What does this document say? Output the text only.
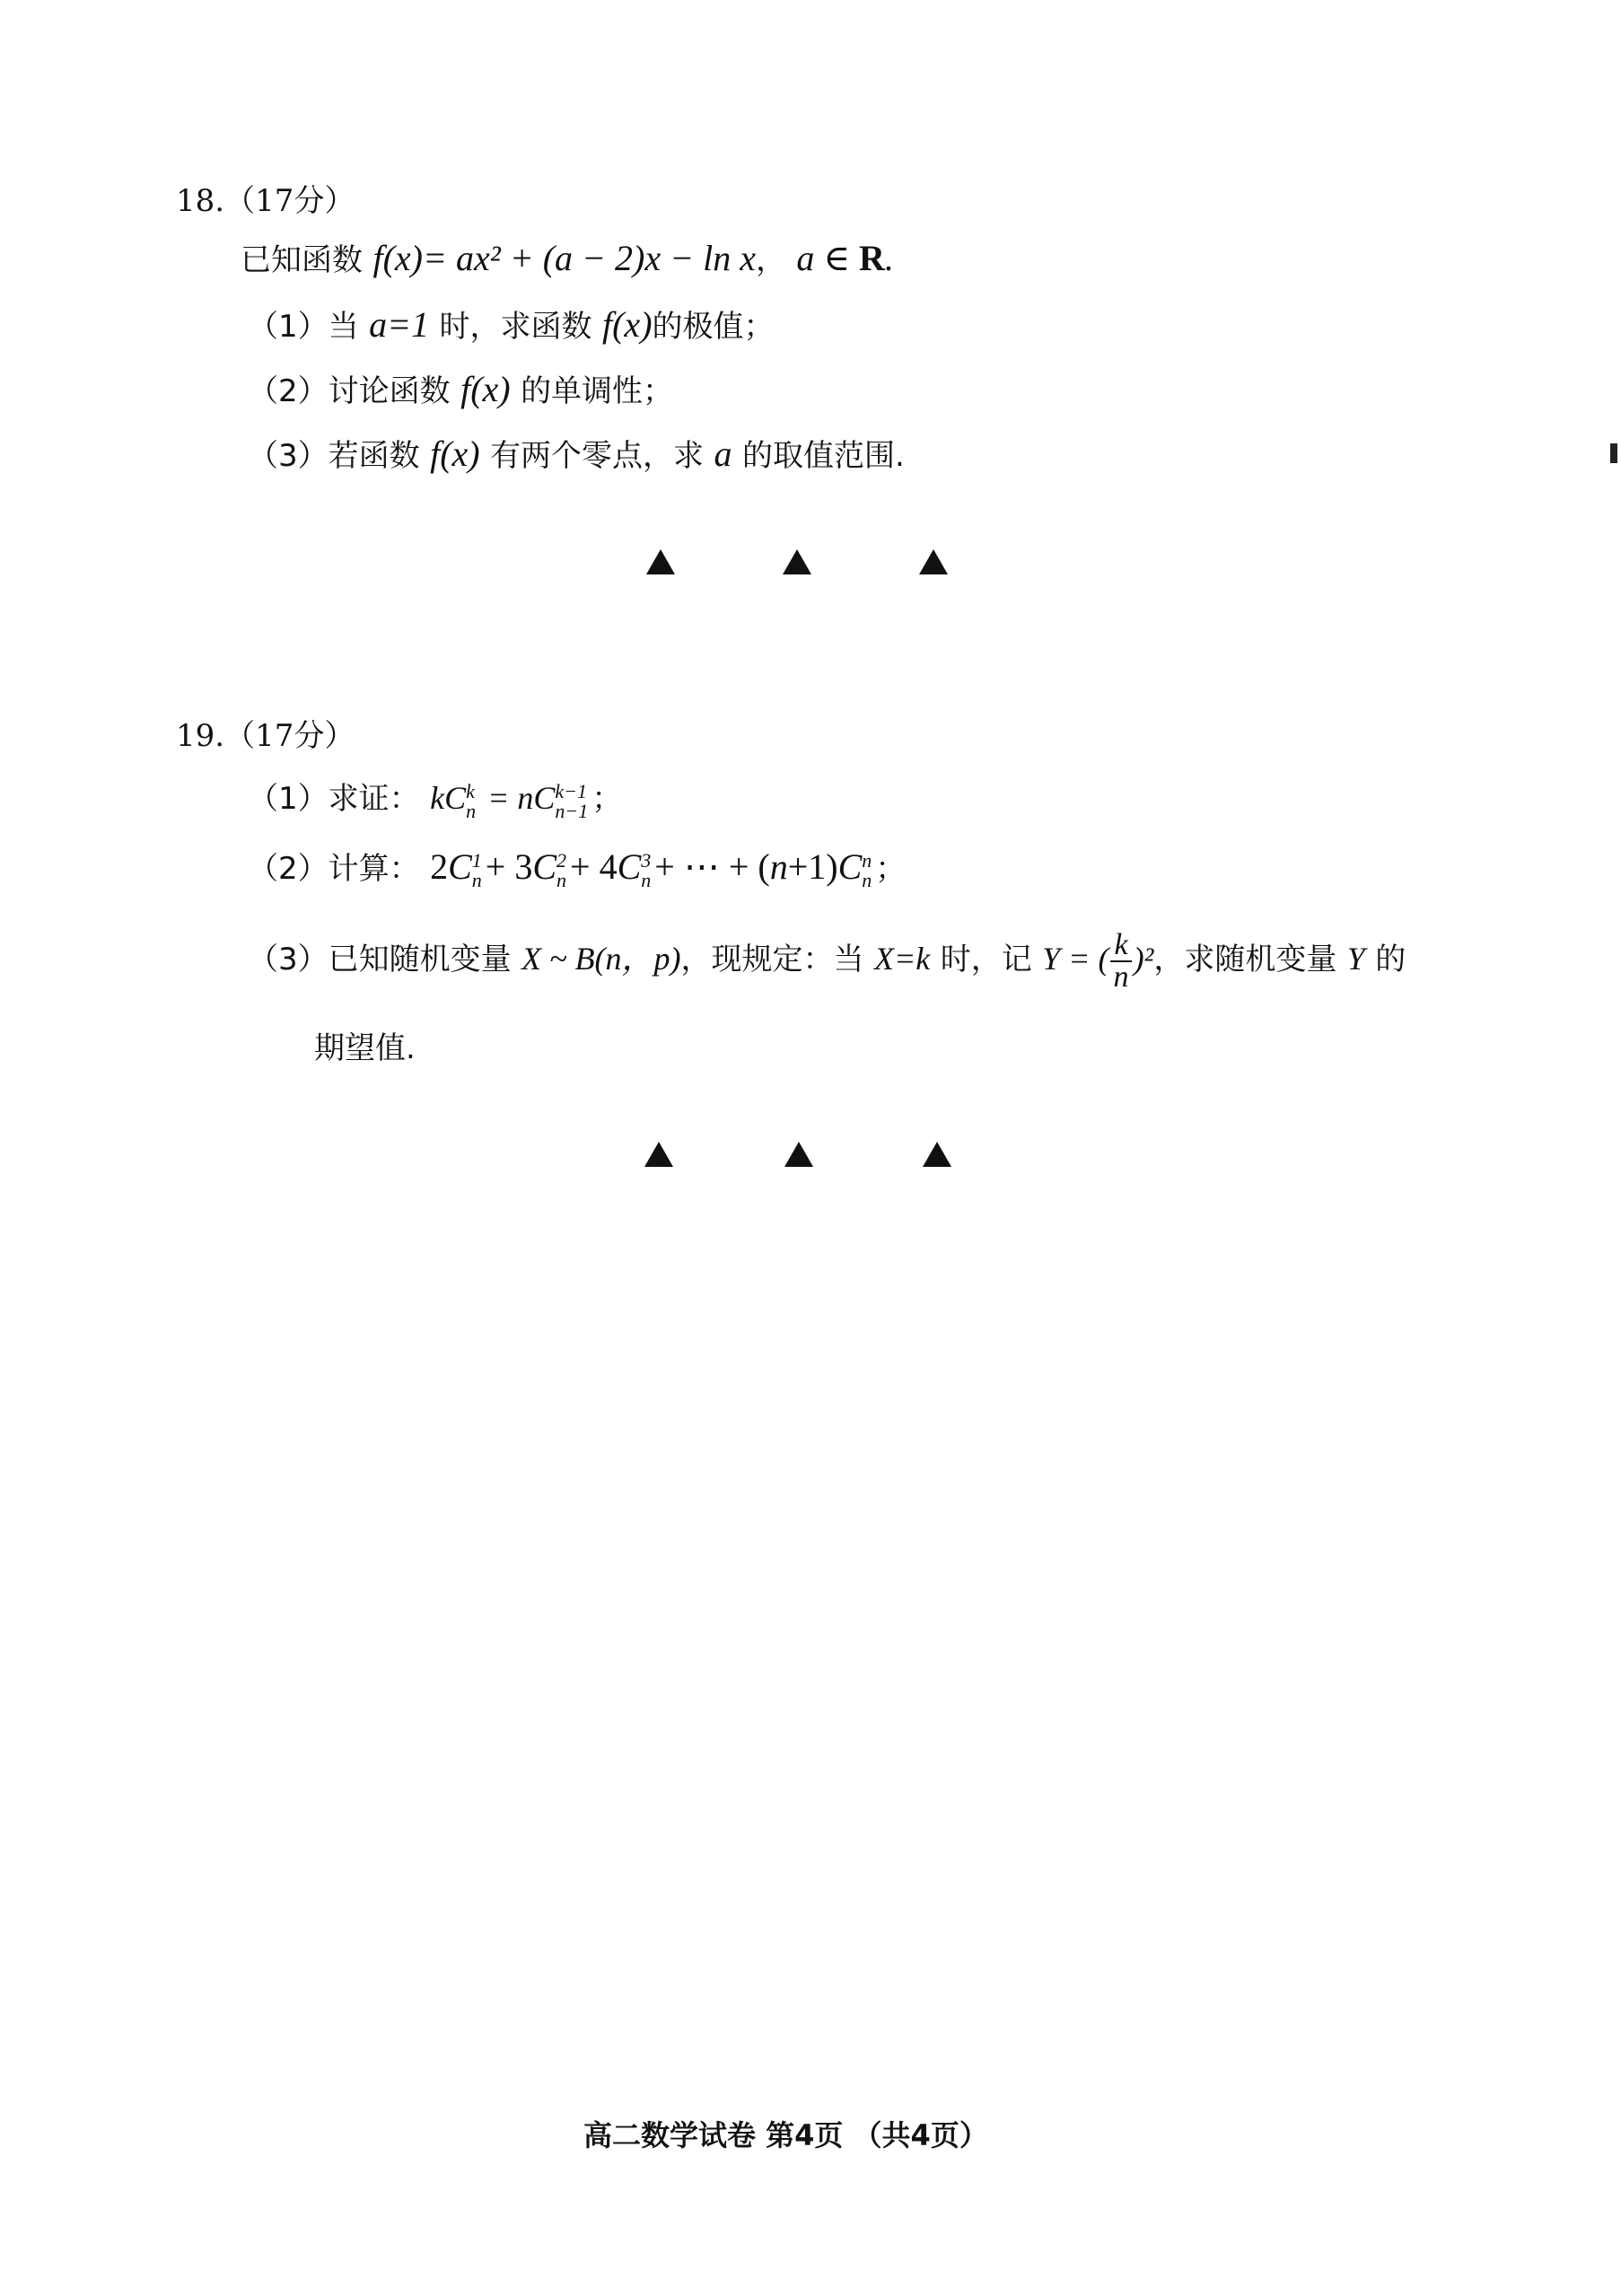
18.（17分）
已知函数 f(x)= ax² + (a − 2)x − ln x， a ∈ R.
（1）当 a=1 时，求函数 f(x)的极值；
（2）讨论函数 f(x) 的单调性；
（3）若函数 f(x) 有两个零点，求 a 的取值范围.
19.（17分）
（1）求证： kC k
n = nC k−1
n−1 ；
（2）计算： 2C 1
n + 3C 2
n + 4C 3
n + ⋯ + (n+1)C n
n ；
（3）已知随机变量 X ~ B(n，p)，现规定：当 X=k 时，记 Y = ( $\frac{k}{n} )^2$，求随机变量 Y 的
期望值.
高二数学试卷 第4页 （共4页）
